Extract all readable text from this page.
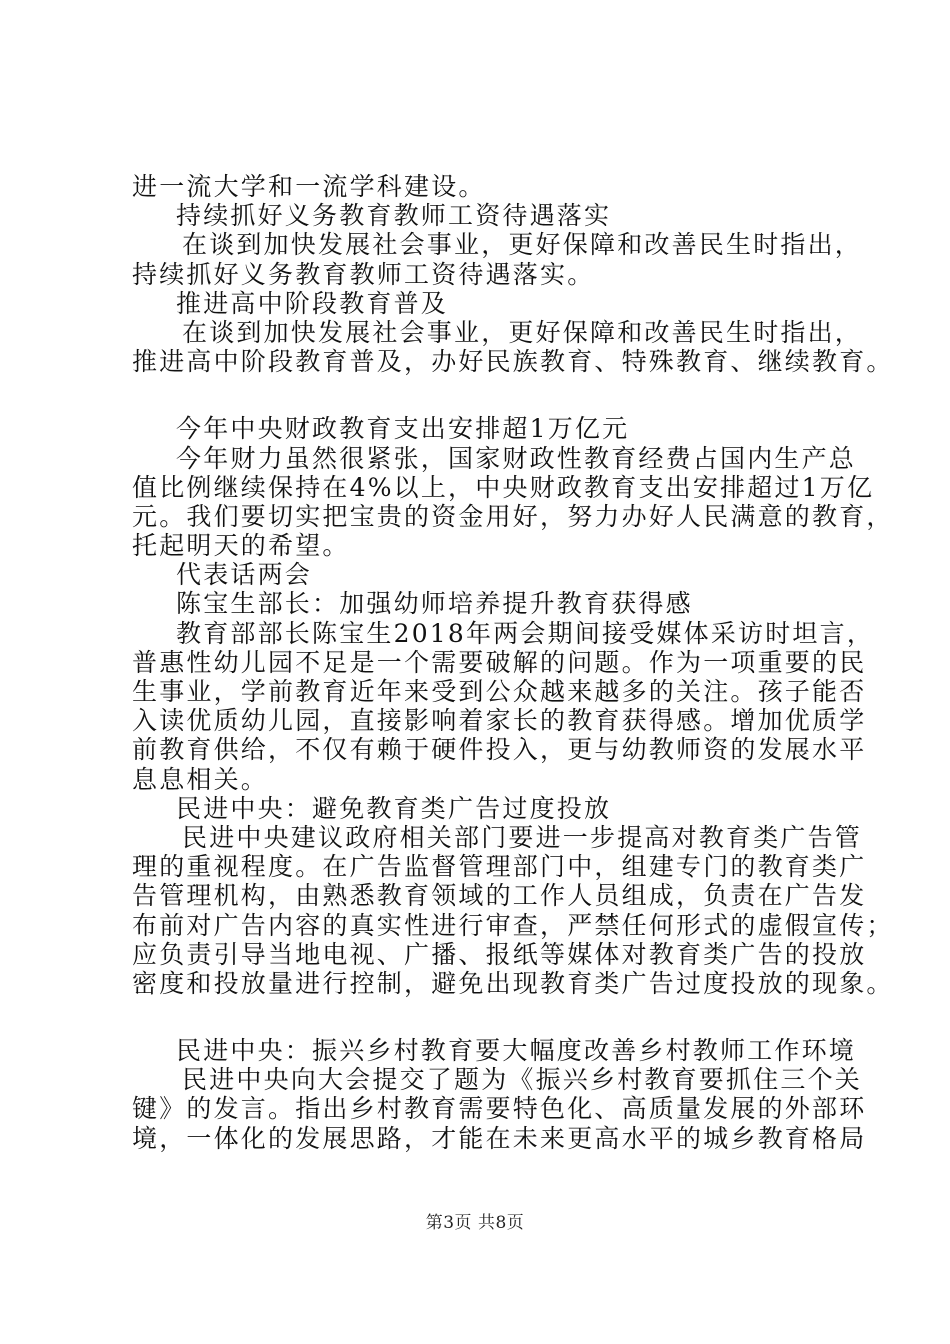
进一流大学和一流学科建设。
持续抓好义务教育教师工资待遇落实
在谈到加快发展社会事业，更好保障和改善民生时指出，
持续抓好义务教育教师工资待遇落实。
推进高中阶段教育普及
在谈到加快发展社会事业，更好保障和改善民生时指出，
推进高中阶段教育普及，办好民族教育、特殊教育、继续教育。
今年中央财政教育支出安排超1万亿元
今年财力虽然很紧张，国家财政性教育经费占国内生产总
值比例继续保持在4%以上，中央财政教育支出安排超过1万亿
元。我们要切实把宝贵的资金用好，努力办好人民满意的教育，
托起明天的希望。
代表话两会
陈宝生部长：加强幼师培养提升教育获得感
教育部部长陈宝生2018年两会期间接受媒体采访时坦言，
普惠性幼儿园不足是一个需要破解的问题。作为一项重要的民
生事业，学前教育近年来受到公众越来越多的关注。孩子能否
入读优质幼儿园，直接影响着家长的教育获得感。增加优质学
前教育供给，不仅有赖于硬件投入，更与幼教师资的发展水平
息息相关。
民进中央：避免教育类广告过度投放
民进中央建议政府相关部门要进一步提高对教育类广告管
理的重视程度。在广告监督管理部门中，组建专门的教育类广
告管理机构，由熟悉教育领域的工作人员组成，负责在广告发
布前对广告内容的真实性进行审查，严禁任何形式的虚假宣传；
应负责引导当地电视、广播、报纸等媒体对教育类广告的投放
密度和投放量进行控制，避免出现教育类广告过度投放的现象。
民进中央：振兴乡村教育要大幅度改善乡村教师工作环境
民进中央向大会提交了题为《振兴乡村教育要抓住三个关
键》的发言。指出乡村教育需要特色化、高质量发展的外部环
境，一体化的发展思路，才能在未来更高水平的城乡教育格局
第3页 共8页
